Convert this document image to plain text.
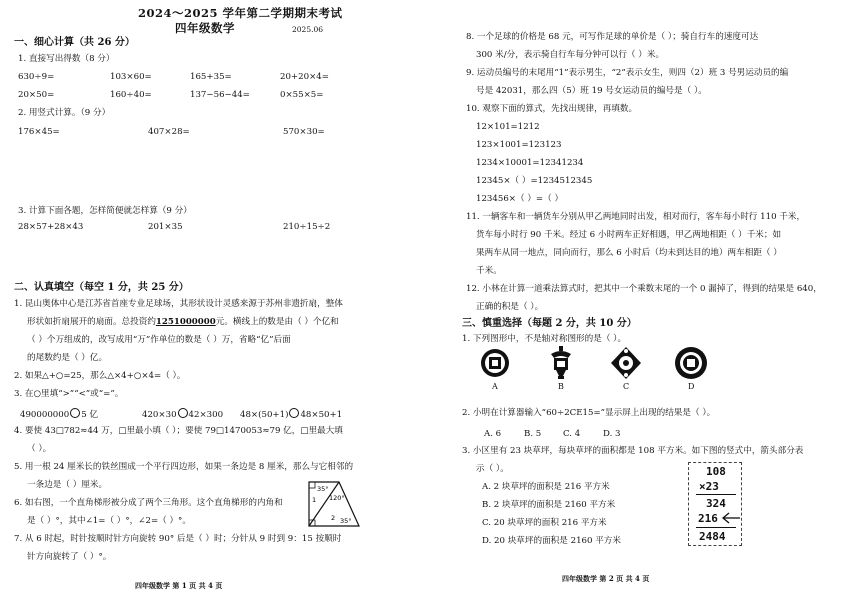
2024～2025 学年第二学期期末考试
四年级数学	2025.06
一、细心计算（共 26 分）
1. 直接写出得数（8 分）
630÷9=	103×60=	165+35=	20+20×4=
20×50=	160÷40=	137−56−44=	0×55×5=
2. 用竖式计算。（9 分）
176×45=	407×28=	570×30=
3. 计算下面各题，怎样简便就怎样算（9 分）
28×57+28×43	201×35	210÷15÷2
二、认真填空（每空 1 分，共 25 分）
1. 昆山奥体中心是江苏省首座专业足球场，其形状设计灵感来源于苏州非遗折扇，整体
形状如折扇展开的扇面。总投资约1251000000元。横线上的数是由（ ）个亿和
（ ）个万组成的，改写成用“万”作单位的数是（ ）万，省略“亿”后面
的尾数约是（ ）亿。
2. 如果△+○=25，那么△×4+○×4=（ ）。
3. 在○里填“>”“<”或“=”。
490000000 5 亿	420×30 42×300 48×(50+1) 48×50+1
4. 要使 43□782≈44 万，□里最小填（ ）；要使 79□1470053≈79 亿，□里最大填
（ ）。
5. 用一根 24 厘米长的铁丝围成一个平行四边形，如果一条边是 8 厘米，那么与它相邻的
一条边是（ ）厘米。
6. 如右图，一个直角梯形被分成了两个三角形。这个直角梯形的内角和
是（ ）°，其中∠1=（ ）°，∠2=（ ）°。
35°
120°
35°
1
2
7. 从 6 时起，时针按顺时针方向旋转 90° 后是（ ）时；分针从 9 时到 9：15 按顺时
针方向旋转了（ ）°。
四年级数学 第 1 页 共 4 页
8. 一个足球的价格是 68 元，可写作足球的单价是（ ）；骑自行车的速度可达
300 米/分，表示骑自行车每分钟可以行（ ）米。
9. 运动员编号的末尾用“1”表示男生，“2”表示女生，则四（2）班 3 号男运动员的编
号是 42031，那么四（5）班 19 号女运动员的编号是（ ）。
10. 观察下面的算式，先找出规律，再填数。
12×101=1212
123×1001=123123
1234×10001=12341234
12345×（ ）=1234512345
123456×（ ）=（ ）
11. 一辆客车和一辆货车分别从甲乙两地同时出发，相对而行，客车每小时行 110 千米，
货车每小时行 90 千米。经过 6 小时两车正好相遇，甲乙两地相距（ ）千米；如
果两车从同一地点，同向而行，那么 6 小时后（均未到达目的地）两车相距（ ）
千米。
12. 小林在计算一道乘法算式时，把其中一个乘数末尾的一个 0 漏掉了，得到的结果是 640，
正确的积是（ ）。
三、慎重选择（每题 2 分，共 10 分）
1. 下列图形中，不是轴对称图形的是（ ）。
A	B	C	D
2. 小明在计算器输入“60÷2CE15=”显示屏上出现的结果是（ ）。
A. 6	B. 5	C. 4	D. 3
3. 小区里有 23 块草坪，每块草坪的面积都是 108 平方米。如下图的竖式中，箭头部分表
示（ ）。
A. 2 块草坪的面积是 216 平方米
B. 2 块草坪的面积是 2160 平方米
C. 20 块草坪的面积 216 平方米
D. 20 块草坪的面积是 2160 平方米
108
×23
324
216
2484
四年级数学 第 2 页 共 4 页
